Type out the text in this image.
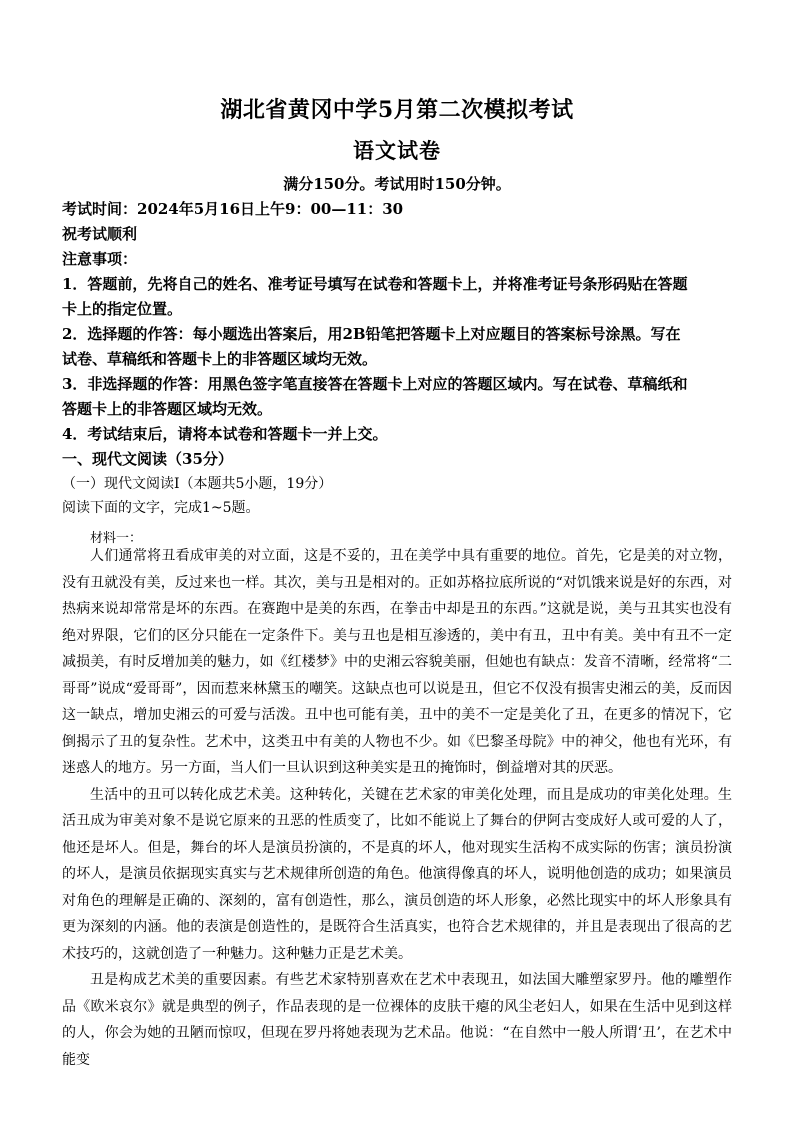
湖北省黄冈中学5月第二次模拟考试
语文试卷
满分150分。考试用时150分钟。
考试时间：2024年5月16日上午9：00—11：30
祝考试顺利
注意事项：
1．答题前，先将自己的姓名、准考证号填写在试卷和答题卡上，并将准考证号条形码贴在答题
卡上的指定位置。
2．选择题的作答：每小题选出答案后，用2B铅笔把答题卡上对应题目的答案标号涂黑。写在
试卷、草稿纸和答题卡上的非答题区域均无效。
3．非选择题的作答：用黑色签字笔直接答在答题卡上对应的答题区域内。写在试卷、草稿纸和
答题卡上的非答题区域均无效。
4．考试结束后，请将本试卷和答题卡一并上交。
一、现代文阅读（35分）
（一）现代文阅读Ⅰ（本题共5小题，19分）
阅读下面的文字，完成1~5题。
材料一：

人们通常将丑看成审美的对立面，这是不妥的，丑在美学中具有重要的地位。首先，它是美的对立物，没有丑就没有美，反过来也一样。其次，美与丑是相对的。正如苏格拉底所说的“对饥饿来说是好的东西，对热病来说却常常是坏的东西。在赛跑中是美的东西，在拳击中却是丑的东西。”这就是说，美与丑其实也没有绝对界限，它们的区分只能在一定条件下。美与丑也是相互渗透的，美中有丑，丑中有美。美中有丑不一定减损美，有时反增加美的魅力，如《红楼梦》中的史湘云容貌美丽，但她也有缺点：发音不清晰，经常将“二哥哥”说成“爱哥哥”，因而惹来林黛玉的嘲笑。这缺点也可以说是丑，但它不仅没有损害史湘云的美，反而因这一缺点，增加史湘云的可爱与活泼。丑中也可能有美，丑中的美不一定是美化了丑，在更多的情况下，它倒揭示了丑的复杂性。艺术中，这类丑中有美的人物也不少。如《巴黎圣母院》中的神父，他也有光环，有迷惑人的地方。另一方面，当人们一旦认识到这种美实是丑的掩饰时，倒益增对其的厌恶。

生活中的丑可以转化成艺术美。这种转化，关键在艺术家的审美化处理，而且是成功的审美化处理。生活丑成为审美对象不是说它原来的丑恶的性质变了，比如不能说上了舞台的伊阿古变成好人或可爱的人了，他还是坏人。但是，舞台的坏人是演员扮演的，不是真的坏人，他对现实生活构不成实际的伤害；演员扮演的坏人，是演员依据现实真实与艺术规律所创造的角色。他演得像真的坏人，说明他创造的成功；如果演员对角色的理解是正确的、深刻的，富有创造性，那么，演员创造的坏人形象，必然比现实中的坏人形象具有更为深刻的内涵。他的表演是创造性的，是既符合生活真实，也符合艺术规律的，并且是表现出了很高的艺术技巧的，这就创造了一种魅力。这种魅力正是艺术美。

丑是构成艺术美的重要因素。有些艺术家特别喜欢在艺术中表现丑，如法国大雕塑家罗丹。他的雕塑作品《欧米哀尔》就是典型的例子，作品表现的是一位裸体的皮肤干瘪的风尘老妇人，如果在生活中见到这样的人，你会为她的丑陋而惊叹，但现在罗丹将她表现为艺术品。他说：“在自然中一般人所谓‘丑’，在艺术中能变
